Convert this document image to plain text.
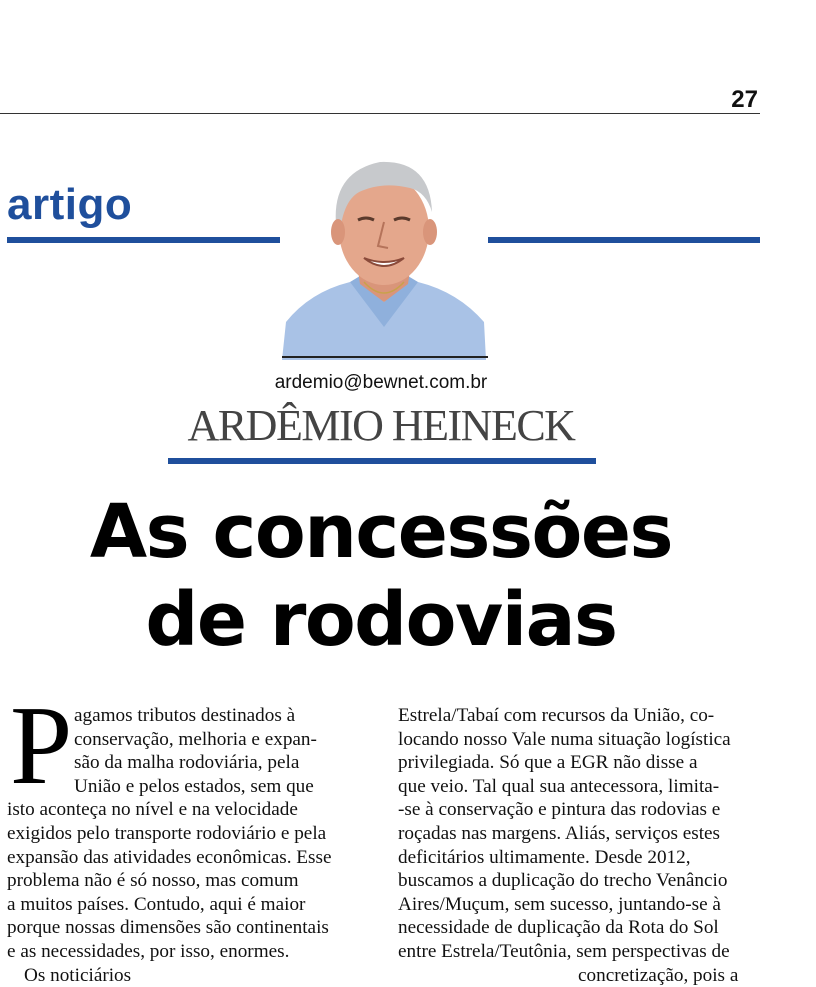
27
artigo
ardemio@bewnet.com.br
ARDÊMIO HEINECK
As concessões
de rodovias
P agamos tributos destinados à
conservação, melhoria e expan-
são da malha rodoviária, pela
União e pelos estados, sem que
isto aconteça no nível e na velocidade
exigidos pelo transporte rodoviário e pela
expansão das atividades econômicas. Esse
problema não é só nosso, mas comum
a muitos países. Contudo, aqui é maior
porque nossas dimensões são continentais
e as necessidades, por isso, enormes.
Os noticiários
Estrela/Tabaí com recursos da União, co-
locando nosso Vale numa situação logística
privilegiada. Só que a EGR não disse a
que veio. Tal qual sua antecessora, limita-
-se à conservação e pintura das rodovias e
roçadas nas margens. Aliás, serviços estes
deficitários ultimamente. Desde 2012,
buscamos a duplicação do trecho Venâncio
Aires/Muçum, sem sucesso, juntando-se à
necessidade de duplicação da Rota do Sol
entre Estrela/Teutônia, sem perspectivas de
concretização, pois a
